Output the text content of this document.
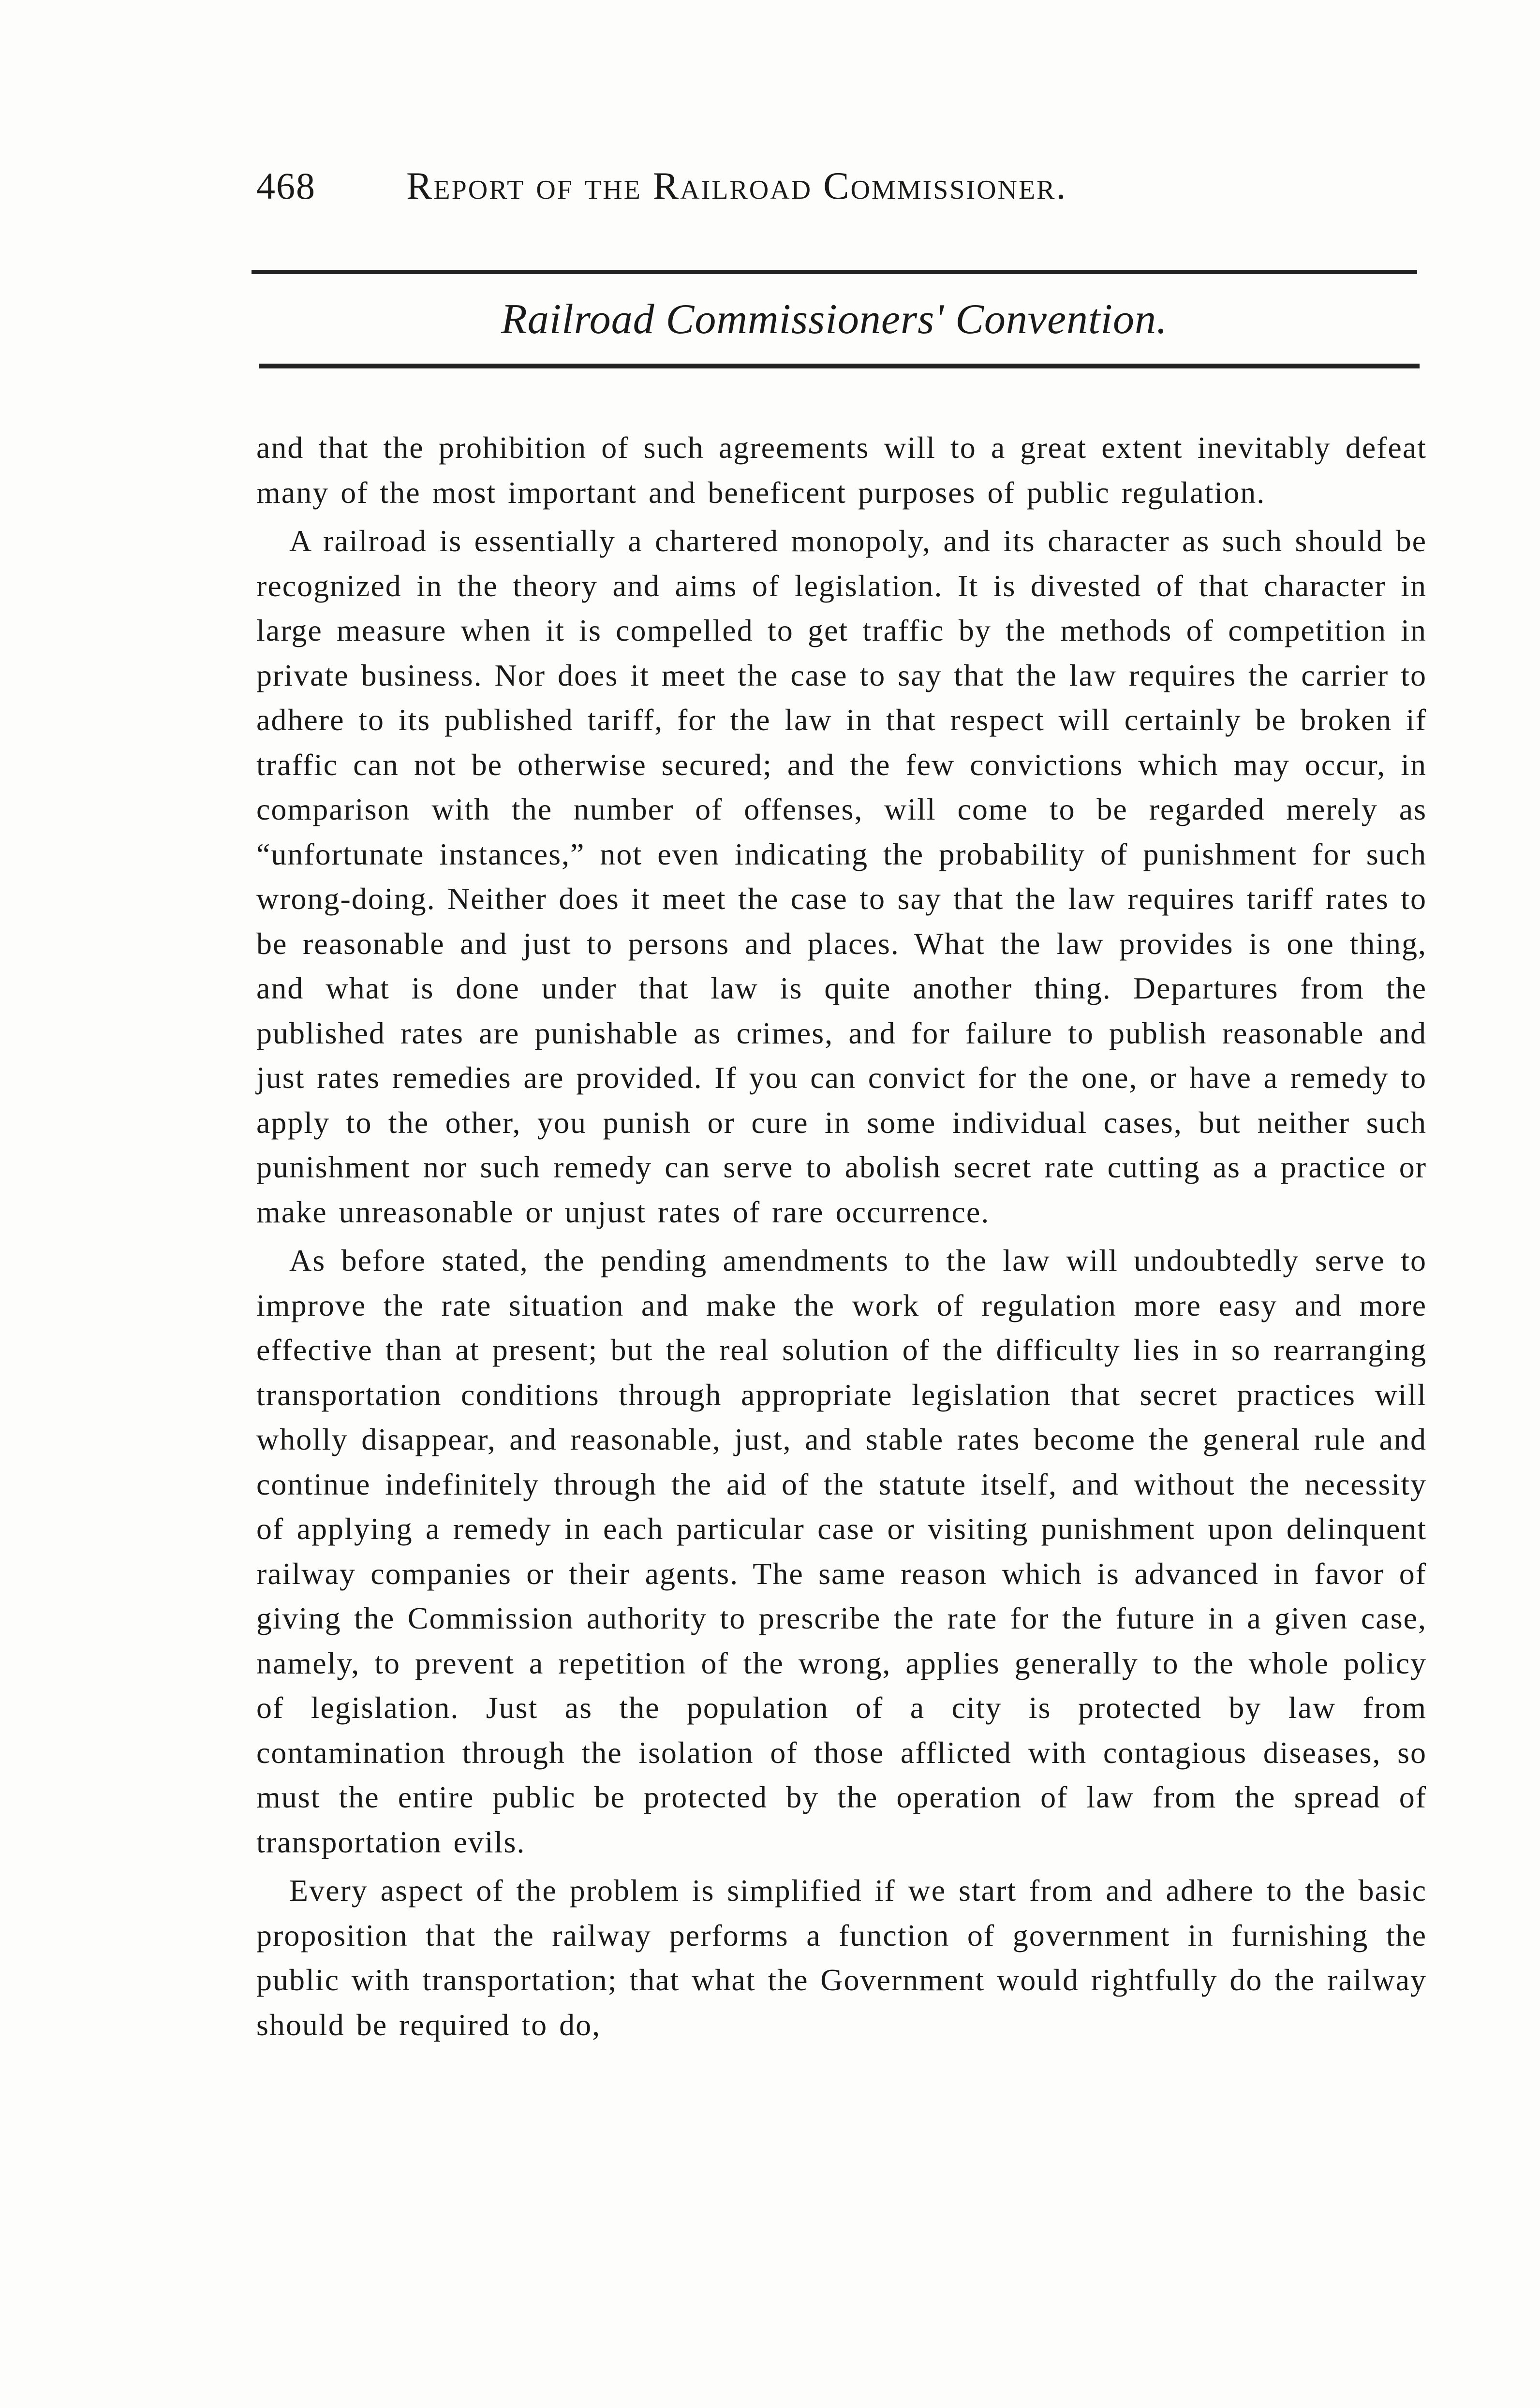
468	Report of the Railroad Commissioner.
Railroad Commissioners' Convention.

and that the prohibition of such agreements will to a great extent inevitably defeat many of the most important and beneficent purposes of public regulation.

A railroad is essentially a chartered monopoly, and its character as such should be recognized in the theory and aims of legislation. It is divested of that character in large measure when it is compelled to get traffic by the methods of competition in private business. Nor does it meet the case to say that the law requires the carrier to adhere to its published tariff, for the law in that respect will certainly be broken if traffic can not be otherwise secured; and the few convictions which may occur, in comparison with the number of offenses, will come to be regarded merely as “unfortunate instances,” not even indicating the probability of punishment for such wrong-doing. Neither does it meet the case to say that the law requires tariff rates to be reasonable and just to persons and places. What the law provides is one thing, and what is done under that law is quite another thing. Departures from the published rates are punishable as crimes, and for failure to publish reasonable and just rates remedies are provided. If you can convict for the one, or have a remedy to apply to the other, you punish or cure in some individual cases, but neither such punishment nor such remedy can serve to abolish secret rate cutting as a practice or make unreasonable or unjust rates of rare occurrence.

As before stated, the pending amendments to the law will undoubtedly serve to improve the rate situation and make the work of regulation more easy and more effective than at present; but the real solution of the difficulty lies in so rearranging transportation conditions through appropriate legislation that secret practices will wholly disappear, and reasonable, just, and stable rates become the general rule and continue indefinitely through the aid of the statute itself, and without the necessity of applying a remedy in each particular case or visiting punishment upon delinquent railway companies or their agents. The same reason which is advanced in favor of giving the Commission authority to prescribe the rate for the future in a given case, namely, to prevent a repetition of the wrong, applies generally to the whole policy of legislation. Just as the population of a city is protected by law from contamination through the isolation of those afflicted with contagious diseases, so must the entire public be protected by the operation of law from the spread of transportation evils.

Every aspect of the problem is simplified if we start from and adhere to the basic proposition that the railway performs a function of government in furnishing the public with transportation; that what the Government would rightfully do the railway should be required to do,
